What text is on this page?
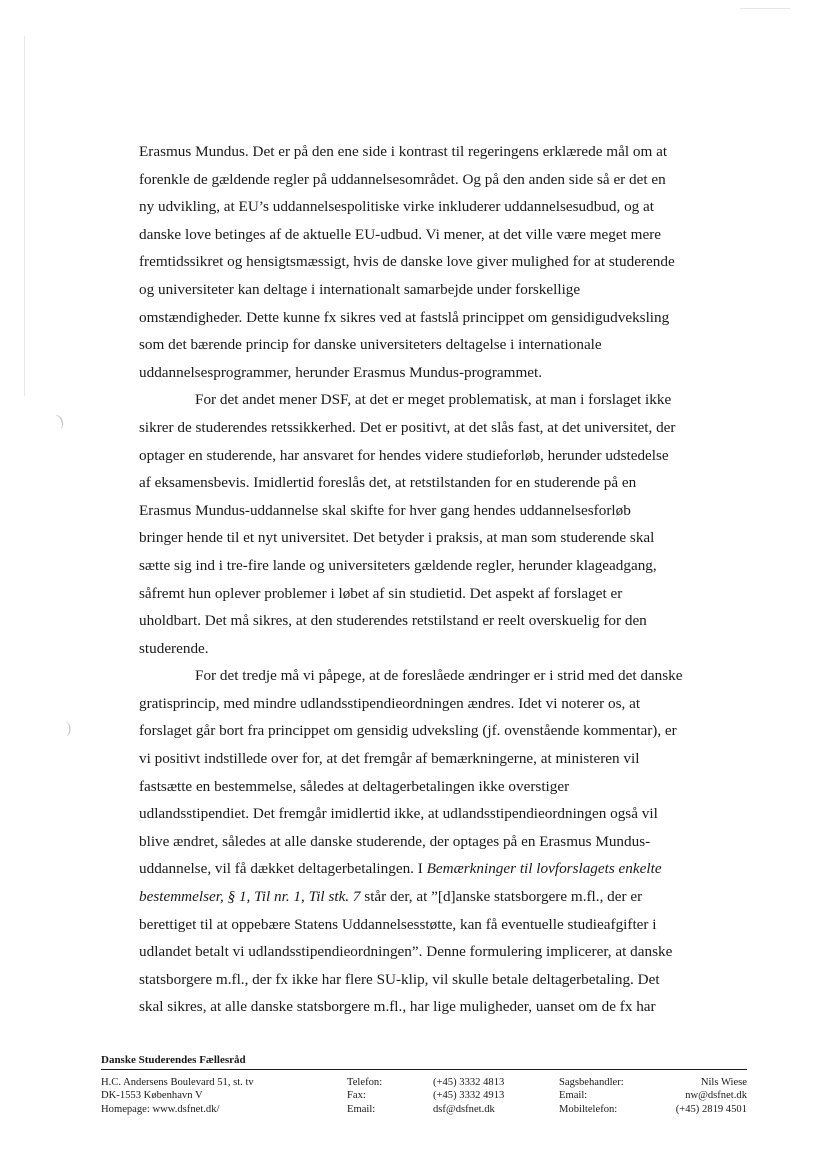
)
)
Erasmus Mundus. Det er på den ene side i kontrast til regeringens erklærede mål om at
forenkle de gældende regler på uddannelsesområdet. Og på den anden side så er det en
ny udvikling, at EU’s uddannelsespolitiske virke inkluderer uddannelsesudbud, og at
danske love betinges af de aktuelle EU-udbud. Vi mener, at det ville være meget mere
fremtidssikret og hensigtsmæssigt, hvis de danske love giver mulighed for at studerende
og universiteter kan deltage i internationalt samarbejde under forskellige
omstændigheder. Dette kunne fx sikres ved at fastslå princippet om gensidigudveksling
som det bærende princip for danske universiteters deltagelse i internationale
uddannelsesprogrammer, herunder Erasmus Mundus-programmet.
For det andet mener DSF, at det er meget problematisk, at man i forslaget ikke
sikrer de studerendes retssikkerhed. Det er positivt, at det slås fast, at det universitet, der
optager en studerende, har ansvaret for hendes videre studieforløb, herunder udstedelse
af eksamensbevis. Imidlertid foreslås det, at retstilstanden for en studerende på en
Erasmus Mundus-uddannelse skal skifte for hver gang hendes uddannelsesforløb
bringer hende til et nyt universitet. Det betyder i praksis, at man som studerende skal
sætte sig ind i tre-fire lande og universiteters gældende regler, herunder klageadgang,
såfremt hun oplever problemer i løbet af sin studietid. Det aspekt af forslaget er
uholdbart. Det må sikres, at den studerendes retstilstand er reelt overskuelig for den
studerende.
For det tredje må vi påpege, at de foreslåede ændringer er i strid med det danske
gratisprincip, med mindre udlandsstipendieordningen ændres. Idet vi noterer os, at
forslaget går bort fra princippet om gensidig udveksling (jf. ovenstående kommentar), er
vi positivt indstillede over for, at det fremgår af bemærkningerne, at ministeren vil
fastsætte en bestemmelse, således at deltagerbetalingen ikke overstiger
udlandsstipendiet. Det fremgår imidlertid ikke, at udlandsstipendieordningen også vil
blive ændret, således at alle danske studerende, der optages på en Erasmus Mundus-
uddannelse, vil få dækket deltagerbetalingen. I Bemærkninger til lovforslagets enkelte
bestemmelser, § 1, Til nr. 1, Til stk. 7 står der, at ”[d]anske statsborgere m.fl., der er
berettiget til at oppebære Statens Uddannelsesstøtte, kan få eventuelle studieafgifter i
udlandet betalt vi udlandsstipendieordningen”. Denne formulering implicerer, at danske
statsborgere m.fl., der fx ikke har flere SU-klip, vil skulle betale deltagerbetaling. Det
skal sikres, at alle danske statsborgere m.fl., har lige muligheder, uanset om de fx har
Danske Studerendes Fællesråd
H.C. Andersens Boulevard 51, st. tv
DK-1553 København V
Homepage: www.dsfnet.dk/
Telefon:
Fax:
Email:
(+45) 3332 4813
(+45) 3332 4913
dsf@dsfnet.dk
Sagsbehandler:
Email:
Mobiltelefon:
Nils Wiese
nw@dsfnet.dk
(+45) 2819 4501
